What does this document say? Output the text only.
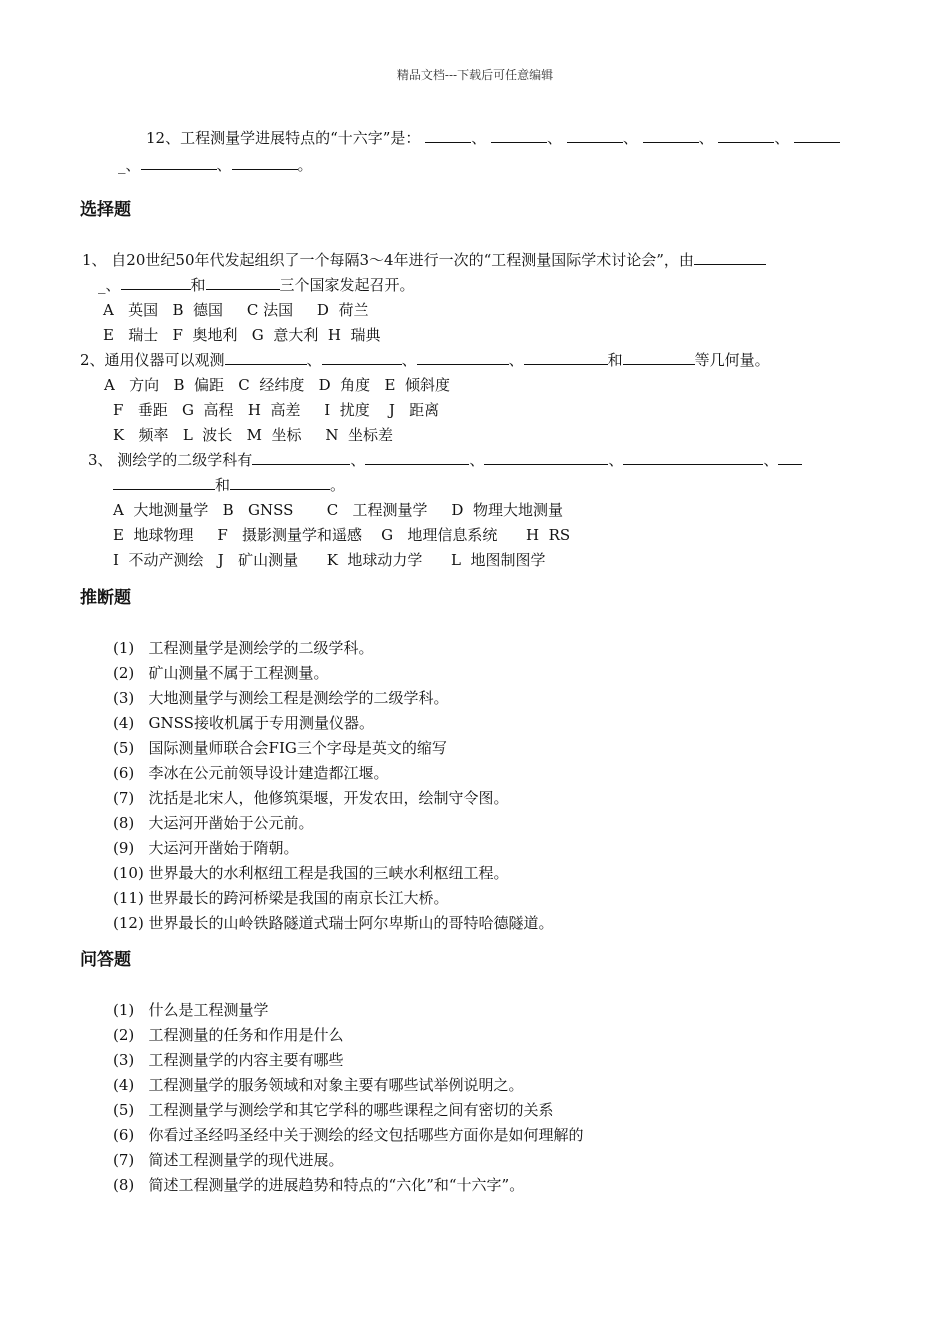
精品文档---下载后可任意编辑
12、工程测量学进展特点的“十六字”是：	、	、	、	、	、
_、	、	。
选择题
1、 自20世纪50年代发起组织了一个每隔3～4年进行一次的“工程测量国际学术讨论会”，由
_、	和	三个国家发起召开。
A   英国   B  德国     C 法国     D  荷兰
E   瑞士   F  奥地利   G  意大利  H  瑞典
2、通用仪器可以观测	、	、	、	和	等几何量。
A   方向   B  偏距   C  经纬度   D  角度   E  倾斜度
F   垂距   G  高程   H  高差     I  扰度    J   距离
K   频率   L  波长   M  坐标     N  坐标差
3、 测绘学的二级学科有	、	、	、	、
和	。
A  大地测量学   B   GNSS       C   工程测量学     D  物理大地测量
E  地球物理     F   摄影测量学和遥感    G   地理信息系统      H  RS
I  不动产测绘   J   矿山测量      K  地球动力学      L  地图制图学
推断题
(1)   工程测量学是测绘学的二级学科。
(2)   矿山测量不属于工程测量。
(3)   大地测量学与测绘工程是测绘学的二级学科。
(4)   GNSS接收机属于专用测量仪器。
(5)   国际测量师联合会FIG三个字母是英文的缩写
(6)   李冰在公元前领导设计建造都江堰。
(7)   沈括是北宋人，他修筑渠堰，开发农田，绘制守令图。
(8)   大运河开凿始于公元前。
(9)   大运河开凿始于隋朝。
(10) 世界最大的水利枢纽工程是我国的三峡水利枢纽工程。
(11) 世界最长的跨河桥梁是我国的南京长江大桥。
(12) 世界最长的山岭铁路隧道式瑞士阿尔卑斯山的哥特哈德隧道。
问答题
(1)   什么是工程测量学
(2)   工程测量的任务和作用是什么
(3)   工程测量学的内容主要有哪些
(4)   工程测量学的服务领域和对象主要有哪些试举例说明之。
(5)   工程测量学与测绘学和其它学科的哪些课程之间有密切的关系
(6)   你看过圣经吗圣经中关于测绘的经文包括哪些方面你是如何理解的
(7)   简述工程测量学的现代进展。
(8)   简述工程测量学的进展趋势和特点的“六化”和“十六字”。
